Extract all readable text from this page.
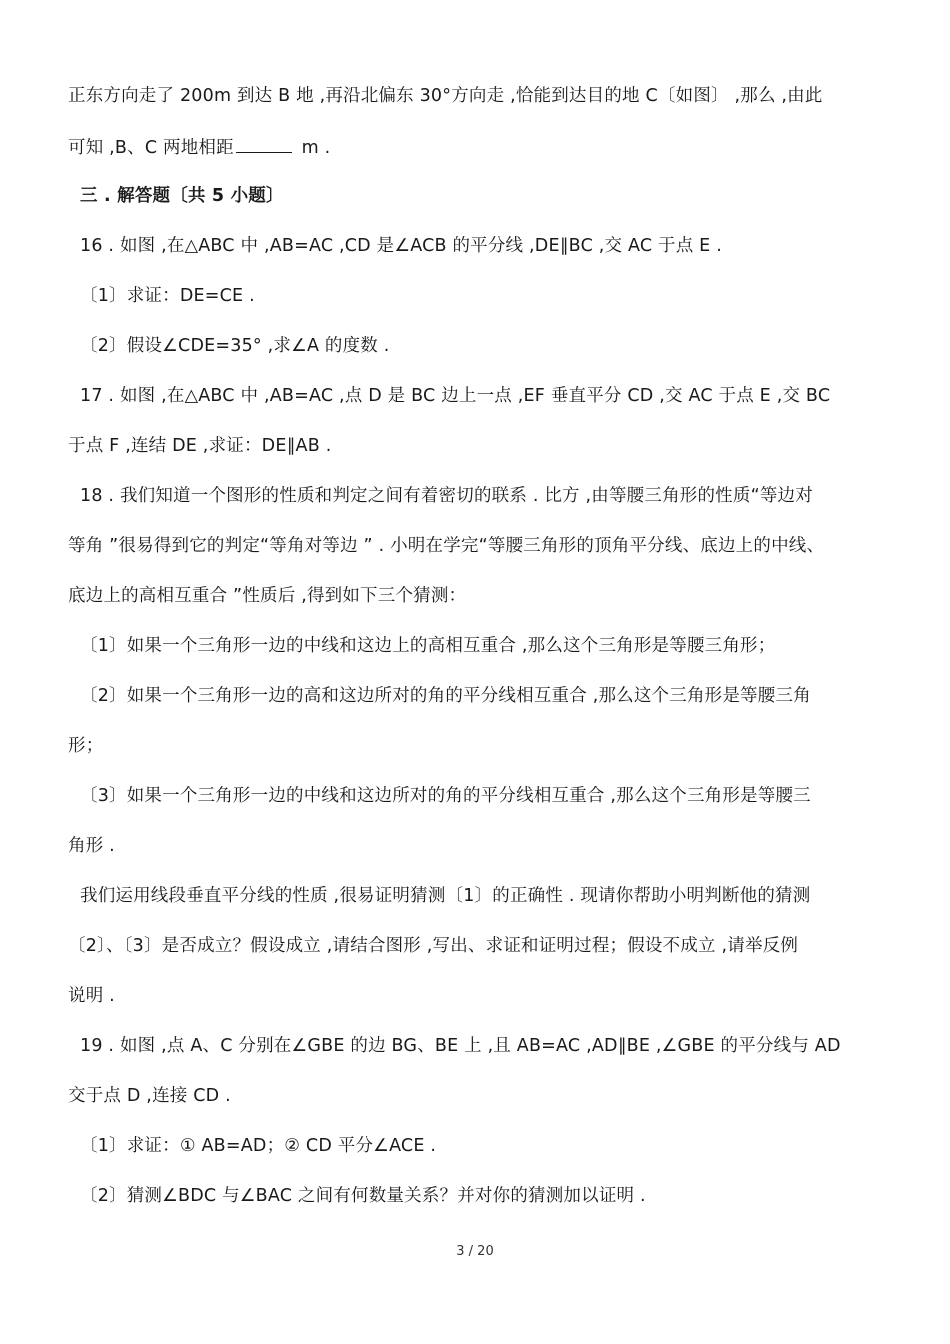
正东方向走了 200m 到达 B 地 ,再沿北偏东 30°方向走 ,恰能到达目的地 C〔如图〕 ,那么 ,由此
可知 ,B、C 两地相距	m .
三 . 解答题〔共 5 小题〕
16 . 如图 ,在△ABC 中 ,AB=AC ,CD 是∠ACB 的平分线 ,DE∥BC ,交 AC 于点 E .
〔1〕求证：DE=CE .
〔2〕假设∠CDE=35° ,求∠A 的度数 .
17 . 如图 ,在△ABC 中 ,AB=AC ,点 D 是 BC 边上一点 ,EF 垂直平分 CD ,交 AC 于点 E ,交 BC
于点 F ,连结 DE ,求证：DE∥AB .
18 . 我们知道一个图形的性质和判定之间有着密切的联系 . 比方 ,由等腰三角形的性质“等边对
等角 ”很易得到它的判定“等角对等边 ” . 小明在学完“等腰三角形的顶角平分线、底边上的中线、
底边上的高相互重合 ”性质后 ,得到如下三个猜测：
〔1〕如果一个三角形一边的中线和这边上的高相互重合 ,那么这个三角形是等腰三角形；
〔2〕如果一个三角形一边的高和这边所对的角的平分线相互重合 ,那么这个三角形是等腰三角
形；
〔3〕如果一个三角形一边的中线和这边所对的角的平分线相互重合 ,那么这个三角形是等腰三
角形 .
我们运用线段垂直平分线的性质 ,很易证明猜测〔1〕的正确性 . 现请你帮助小明判断他的猜测
〔2〕、〔3〕是否成立？假设成立 ,请结合图形 ,写出、求证和证明过程；假设不成立 ,请举反例
说明 .
19 . 如图 ,点 A、C 分别在∠GBE 的边 BG、BE 上 ,且 AB=AC ,AD∥BE ,∠GBE 的平分线与 AD
交于点 D ,连接 CD .
〔1〕求证：① AB=AD；② CD 平分∠ACE .
〔2〕猜测∠BDC 与∠BAC 之间有何数量关系？并对你的猜测加以证明 .
3 / 20
